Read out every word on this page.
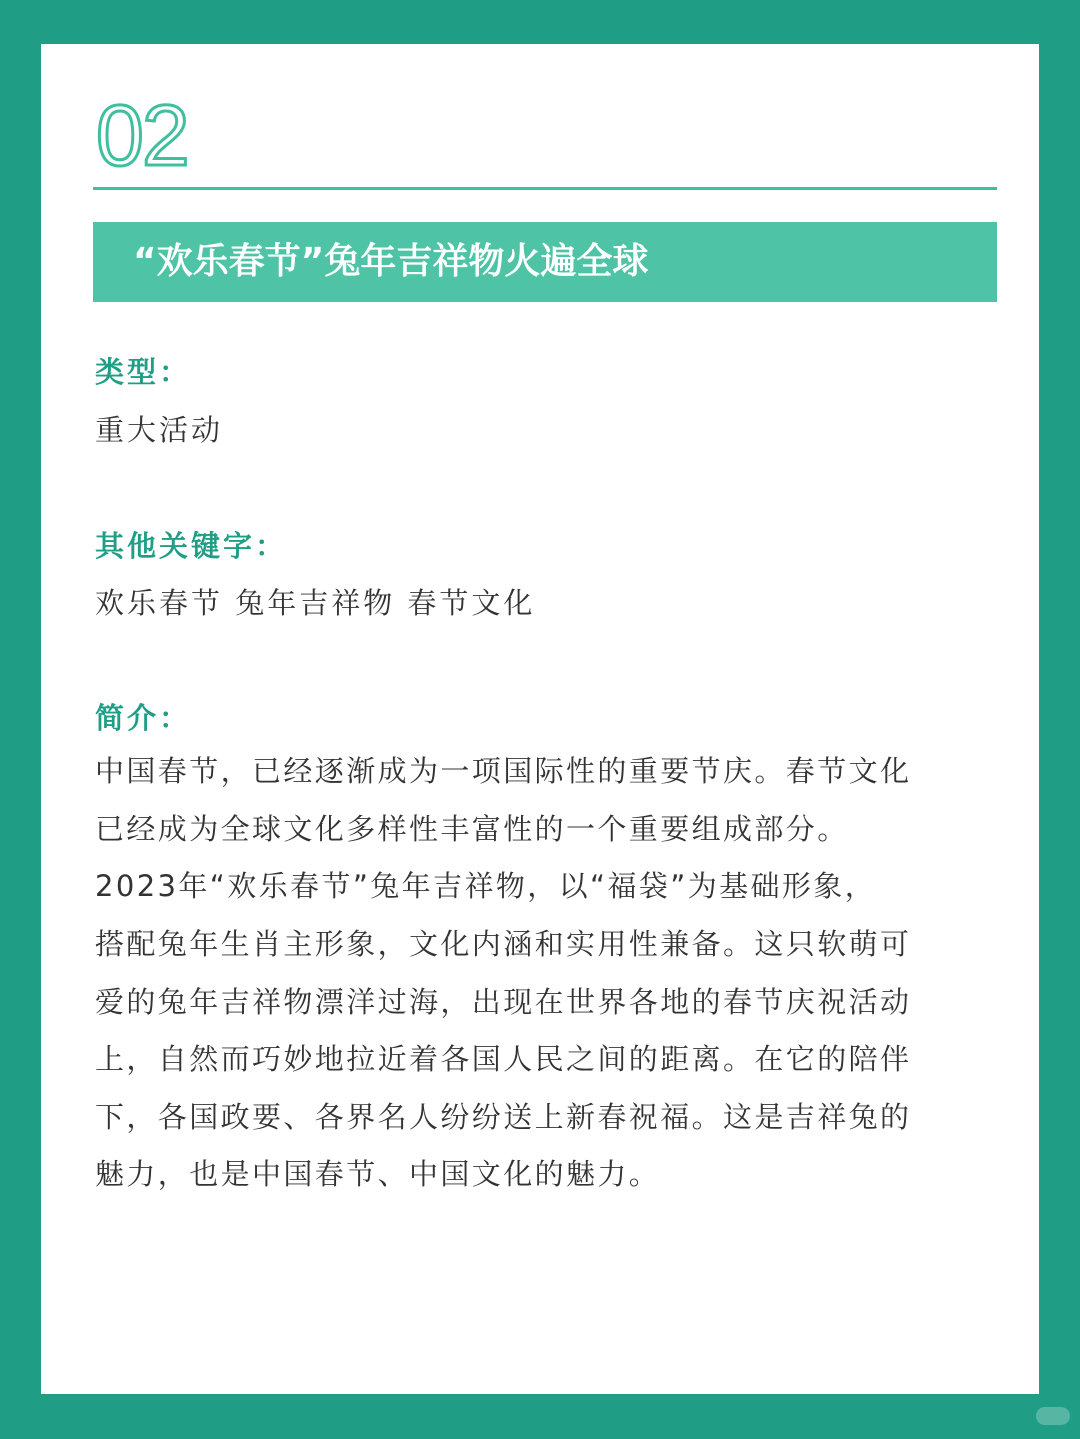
02
“欢乐春节”兔年吉祥物火遍全球
类型：
重大活动
其他关键字：
欢乐春节 兔年吉祥物 春节文化
简介：
中国春节，已经逐渐成为一项国际性的重要节庆。春节文化
已经成为全球文化多样性丰富性的一个重要组成部分。
2023年“欢乐春节”兔年吉祥物，以“福袋”为基础形象，
搭配兔年生肖主形象，文化内涵和实用性兼备。这只软萌可
爱的兔年吉祥物漂洋过海，出现在世界各地的春节庆祝活动
上，自然而巧妙地拉近着各国人民之间的距离。在它的陪伴
下，各国政要、各界名人纷纷送上新春祝福。这是吉祥兔的
魅力，也是中国春节、中国文化的魅力。
